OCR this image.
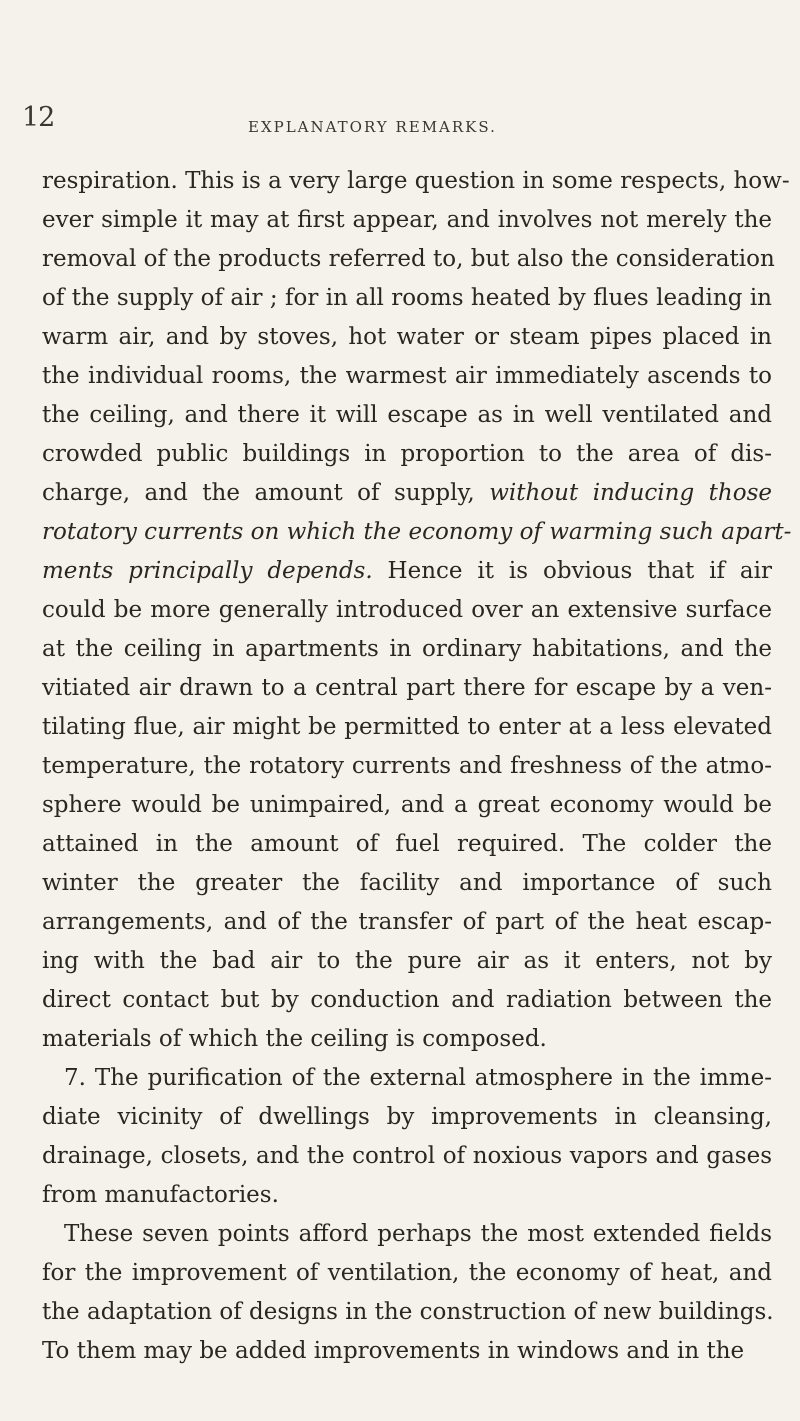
12	EXPLANATORY REMARKS.
respiration. This is a very large question in some respects, how-
ever simple it may at first appear, and involves not merely the
removal of the products referred to, but also the consideration
of the supply of air ; for in all rooms heated by flues leading in
warm air, and by stoves, hot water or steam pipes placed in
the individual rooms, the warmest air immediately ascends to
the ceiling, and there it will escape as in well ventilated and
crowded public buildings in proportion to the area of dis-
charge, and the amount of supply, without inducing those
rotatory currents on which the economy of warming such apart-
ments principally depends. Hence it is obvious that if air
could be more generally introduced over an extensive surface
at the ceiling in apartments in ordinary habitations, and the
vitiated air drawn to a central part there for escape by a ven-
tilating flue, air might be permitted to enter at a less elevated
temperature, the rotatory currents and freshness of the atmo-
sphere would be unimpaired, and a great economy would be
attained in the amount of fuel required. The colder the
winter the greater the facility and importance of such
arrangements, and of the transfer of part of the heat escap-
ing with the bad air to the pure air as it enters, not by
direct contact but by conduction and radiation between the
materials of which the ceiling is composed.
7. The purification of the external atmosphere in the imme-
diate vicinity of dwellings by improvements in cleansing,
drainage, closets, and the control of noxious vapors and gases
from manufactories.
These seven points afford perhaps the most extended fields
for the improvement of ventilation, the economy of heat, and
the adaptation of designs in the construction of new buildings.
To them may be added improvements in windows and in the
